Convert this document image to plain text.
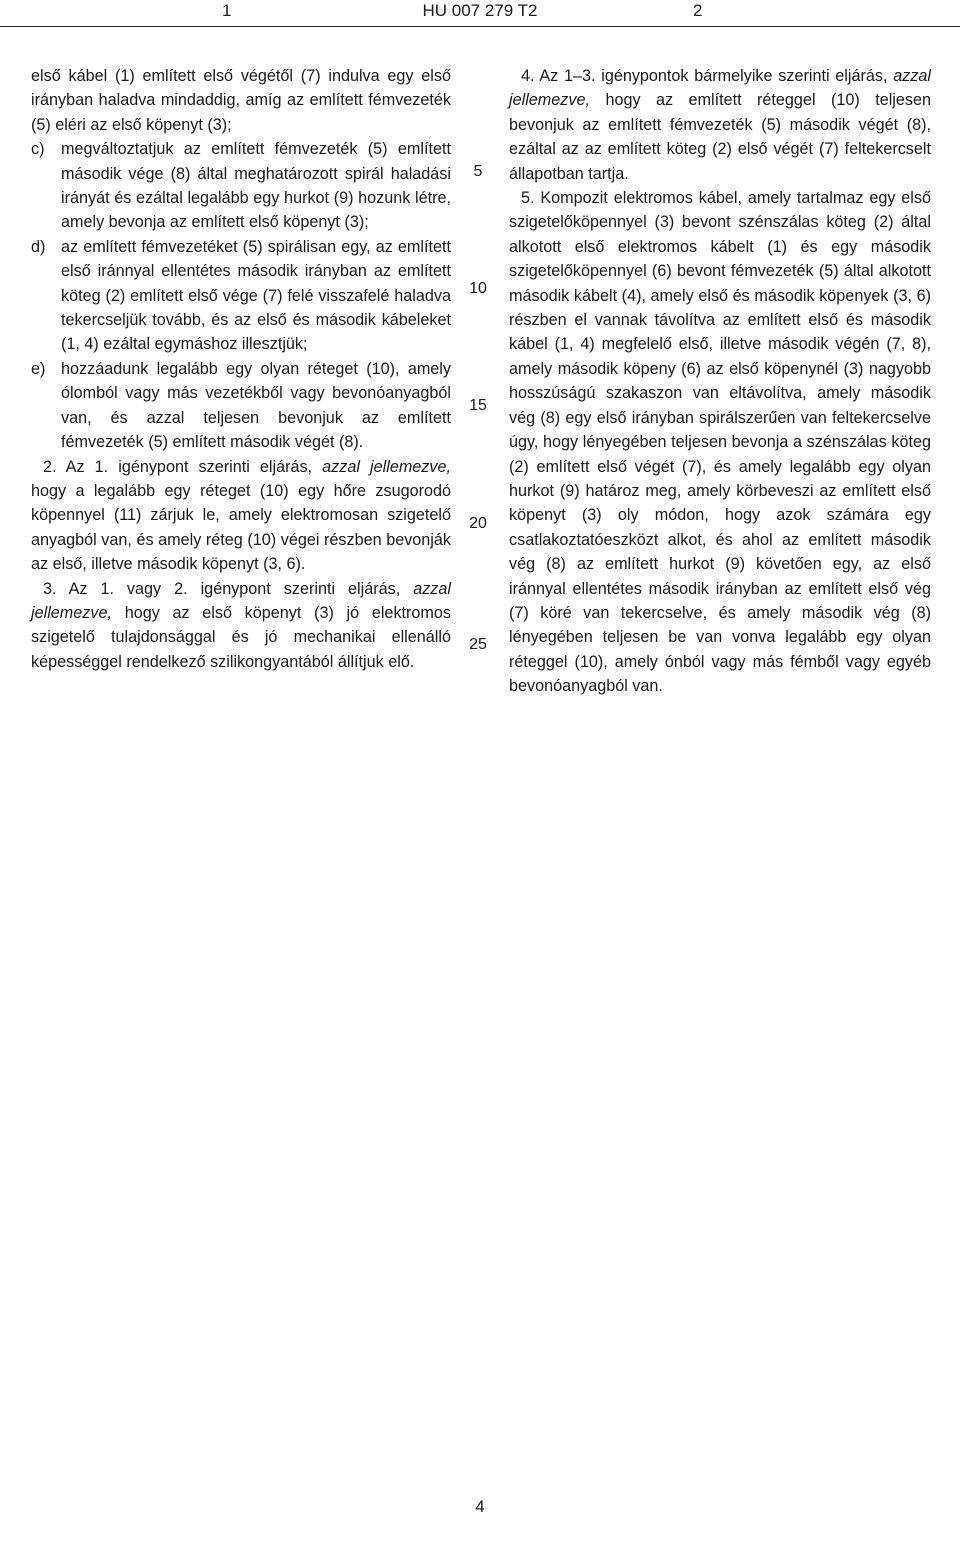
1	HU 007 279 T2	2

első kábel (1) említett első végétől (7) indulva egy első irányban haladva mindaddig, amíg az említett fémvezeték (5) eléri az első köpenyt (3);

c) megváltoztatjuk az említett fémvezeték (5) említett második vége (8) által meghatározott spirál haladási irányát és ezáltal legalább egy hurkot (9) hozunk létre, amely bevonja az említett első köpenyt (3);
d) az említett fémvezetéket (5) spirálisan egy, az említett első iránnyal ellentétes második irányban az említett köteg (2) említett első vége (7) felé visszafelé haladva tekercseljük tovább, és az első és második kábeleket (1, 4) ezáltal egymáshoz illesztjük;
e) hozzáadunk legalább egy olyan réteget (10), amely ólomból vagy más vezetékből vagy bevonóanyagból van, és azzal teljesen bevonjuk az említett fémvezeték (5) említett második végét (8).

2. Az 1. igénypont szerinti eljárás, azzal jellemezve, hogy a legalább egy réteget (10) egy hőre zsugorodó köpennyel (11) zárjuk le, amely elektromosan szigetelő anyagból van, és amely réteg (10) végei részben bevonják az első, illetve második köpenyt (3, 6).

3. Az 1. vagy 2. igénypont szerinti eljárás, azzal jellemezve, hogy az első köpenyt (3) jó elektromos szigetelő tulajdonsággal és jó mechanikai ellenálló képességgel rendelkező szilikongyantából állítjuk elő.

5
10
15
20
25

4. Az 1–3. igénypontok bármelyike szerinti eljárás, azzal jellemezve, hogy az említett réteggel (10) teljesen bevonjuk az említett fémvezeték (5) második végét (8), ezáltal az az említett köteg (2) első végét (7) feltekercselt állapotban tartja.

5. Kompozit elektromos kábel, amely tartalmaz egy első szigetelőköpennyel (3) bevont szénszálas köteg (2) által alkotott első elektromos kábelt (1) és egy második szigetelőköpennyel (6) bevont fémvezeték (5) által alkotott második kábelt (4), amely első és második köpenyek (3, 6) részben el vannak távolítva az említett első és második kábel (1, 4) megfelelő első, illetve második végén (7, 8), amely második köpeny (6) az első köpenynél (3) nagyobb hosszúságú szakaszon van eltávolítva, amely második vég (8) egy első irányban spirálszerűen van feltekercselve úgy, hogy lényegében teljesen bevonja a szénszálas köteg (2) említett első végét (7), és amely legalább egy olyan hurkot (9) határoz meg, amely körbeveszi az említett első köpenyt (3) oly módon, hogy azok számára egy csatlakoztatóeszközt alkot, és ahol az említett második vég (8) az említett hurkot (9) követően egy, az első iránnyal ellentétes második irányban az említett első vég (7) köré van tekercselve, és amely második vég (8) lényegében teljesen be van vonva legalább egy olyan réteggel (10), amely ónból vagy más fémből vagy egyéb bevonóanyagból van.

4
